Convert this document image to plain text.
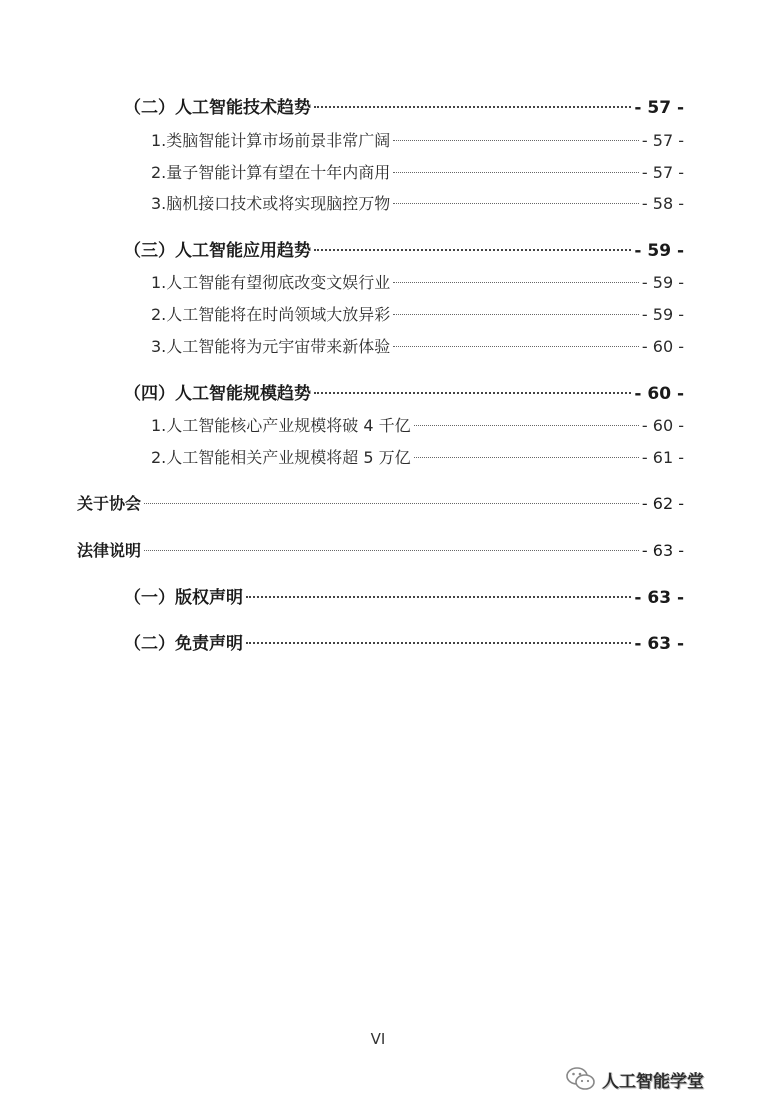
（二）人工智能技术趋势	- 57 -
1.类脑智能计算市场前景非常广阔	- 57 -
2.量子智能计算有望在十年内商用	- 57 -
3.脑机接口技术或将实现脑控万物	- 58 -
（三）人工智能应用趋势	- 59 -
1.人工智能有望彻底改变文娱行业	- 59 -
2.人工智能将在时尚领域大放异彩	- 59 -
3.人工智能将为元宇宙带来新体验	- 60 -
（四）人工智能规模趋势	- 60 -
1.人工智能核心产业规模将破 4 千亿	- 60 -
2.人工智能相关产业规模将超 5 万亿	- 61 -
关于协会	- 62 -
法律说明	- 63 -
（一）版权声明	- 63 -
（二）免责声明	- 63 -
VI
人工智能学堂
